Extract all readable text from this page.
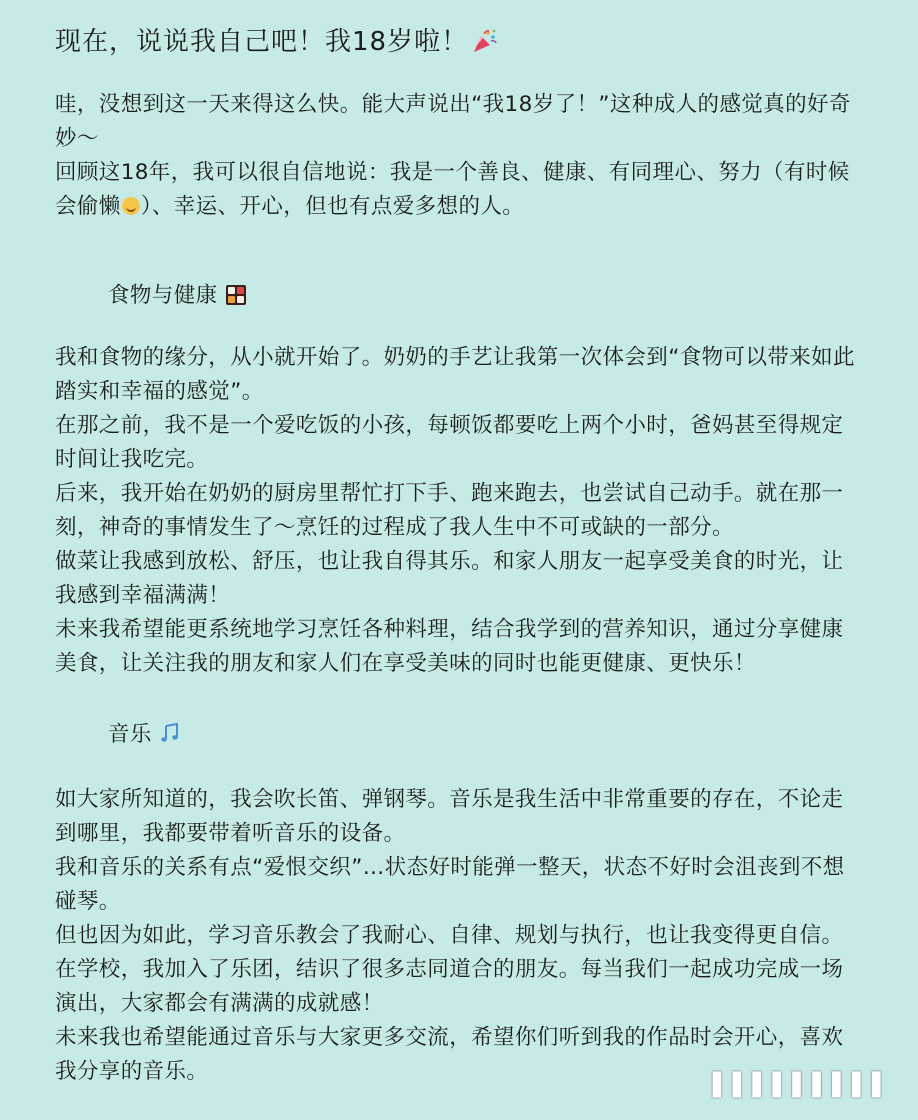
现在，说说我自己吧！我18岁啦！

哇，没想到这一天来得这么快。能大声说出“我18岁了！”这种成人的感觉真的好奇妙～

回顾这18年，我可以很自信地说：我是一个善良、健康、有同理心、努力（有时候会偷懒 ）、幸运、开心，但也有点爱多想的人。

食物与健康

我和食物的缘分，从小就开始了。奶奶的手艺让我第一次体会到“食物可以带来如此踏实和幸福的感觉”。

在那之前，我不是一个爱吃饭的小孩，每顿饭都要吃上两个小时，爸妈甚至得规定时间让我吃完。

后来，我开始在奶奶的厨房里帮忙打下手、跑来跑去，也尝试自己动手。就在那一刻，神奇的事情发生了～烹饪的过程成了我人生中不可或缺的一部分。

做菜让我感到放松、舒压，也让我自得其乐。和家人朋友一起享受美食的时光，让我感到幸福满满！

未来我希望能更系统地学习烹饪各种料理，结合我学到的营养知识，通过分享健康美食，让关注我的朋友和家人们在享受美味的同时也能更健康、更快乐！

音乐

如大家所知道的，我会吹长笛、弹钢琴。音乐是我生活中非常重要的存在，不论走到哪里，我都要带着听音乐的设备。

我和音乐的关系有点“爱恨交织”…状态好时能弹一整天，状态不好时会沮丧到不想碰琴。

但也因为如此，学习音乐教会了我耐心、自律、规划与执行，也让我变得更自信。

在学校，我加入了乐团，结识了很多志同道合的朋友。每当我们一起成功完成一场演出，大家都会有满满的成就感！

未来我也希望能通过音乐与大家更多交流，希望你们听到我的作品时会开心，喜欢我分享的音乐。

▌▌▌▌▌▌▌▌▌
